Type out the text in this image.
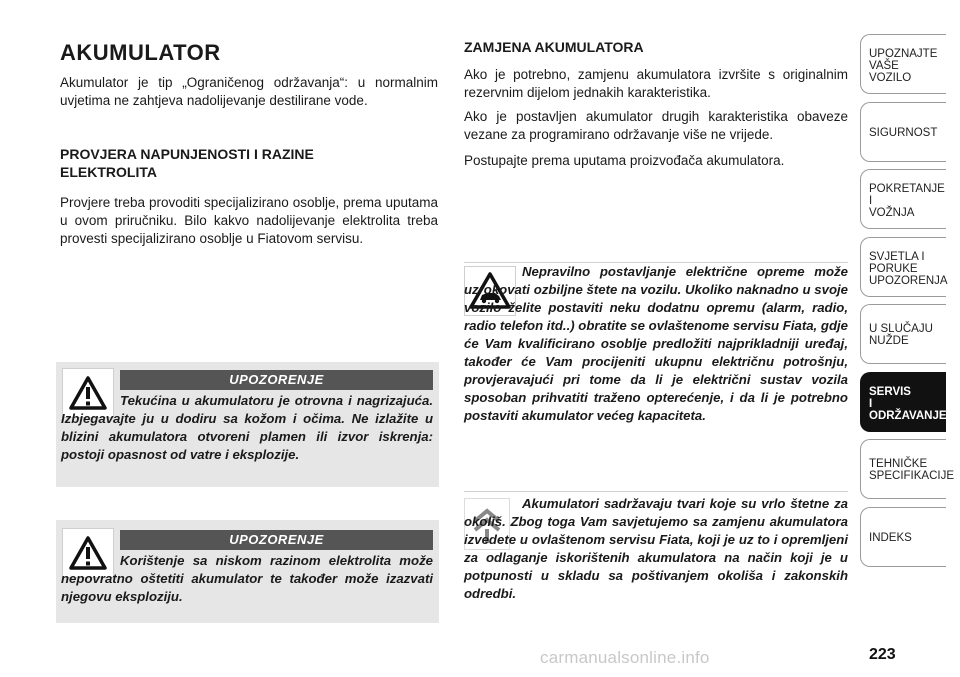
AKUMULATOR

Akumulator je tip „Ograničenog održavanja“: u normalnim uvjetima ne zahtjeva nadolijevanje destilirane vode.

PROVJERA NAPUNJENOSTI I RAZINE
ELEKTROLITA

Provjere treba provoditi specijalizirano osoblje, prema uputama u ovom priručniku. Bilo kakvo nadolijevanje elektrolita treba provesti specijalizirano osoblje u Fiatovom servisu.

UPOZORENJE
Tekućina u akumulatoru je otrovna i nagrizajuća. Izbjegavajte ju u dodiru sa kožom i očima. Ne izlažite u blizini akumulatora otvoreni plamen ili izvor iskrenja: postoji opasnost od vatre i eksplozije.
UPOZORENJE
Korištenje sa niskom razinom elektrolita može nepovratno oštetiti akumulator te također može izazvati njegovu eksploziju.
ZAMJENA AKUMULATORA

Ako je potrebno, zamjenu akumulatora izvršite s originalnim rezervnim dijelom jednakih karakteristika.

Ako je postavljen akumulator drugih karakteristika obaveze vezane za programirano održavanje više ne vrijede.

Postupajte prema uputama proizvođača akumulatora.

Nepravilno postavljanje električne opreme može uzrokovati ozbiljne štete na vozilu. Ukoliko naknadno u svoje vozilo želite postaviti neku dodatnu opremu (alarm, radio, radio telefon itd..) obratite se ovlaštenome servisu Fiata, gdje će Vam kvalificirano osoblje predložiti najprikladniji uređaj, također će Vam procijeniti ukupnu električnu potrošnju, provjeravajući pri tome da li je električni sustav vozila sposoban prihvatiti traženo opterećenje, i da li je potrebno postaviti akumulator većeg kapaciteta.
Akumulatori sadržavaju tvari koje su vrlo štetne za okoliš. Zbog toga Vam savjetujemo sa zamjenu akumulatora izvedete u ovlaštenom servisu Fiata, koji je uz to i opremljeni za odlaganje iskorištenih akumulatora na način koji je u potpunosti u skladu sa poštivanjem okoliša i zakonskih odredbi.
UPOZNAJTE
VAŠE
VOZILO
SIGURNOST
POKRETANJE
I
VOŽNJA
SVJETLA I
PORUKE
UPOZORENJA
U SLUČAJU
NUŽDE
SERVIS
I
ODRŽAVANJE
TEHNIČKE
SPECIFIKACIJE
INDEKS
223
carmanualsonline.info
